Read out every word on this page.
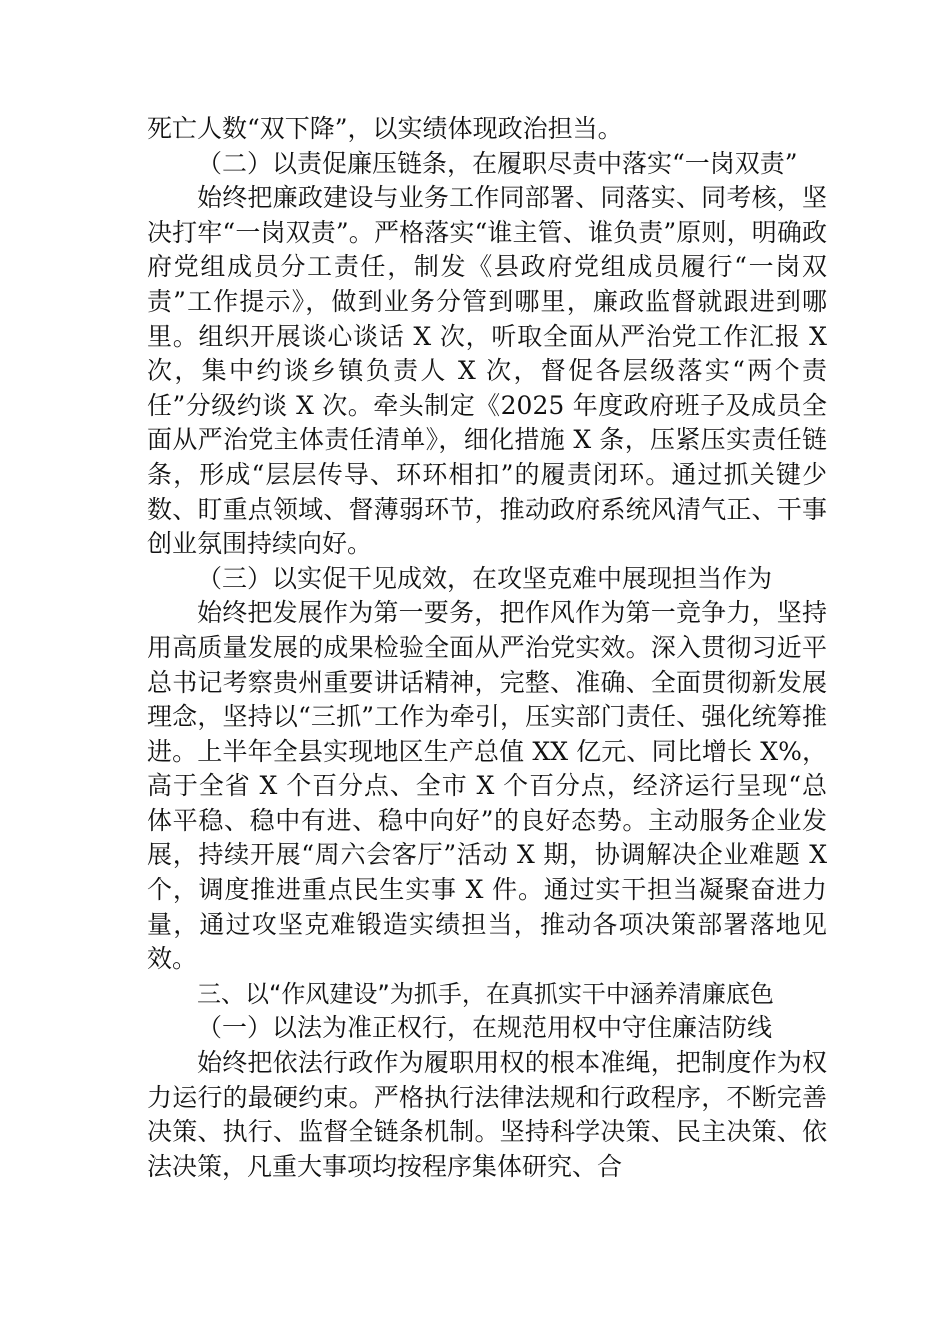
死亡人数“双下降”，以实绩体现政治担当。

（二）以责促廉压链条，在履职尽责中落实“一岗双责”

始终把廉政建设与业务工作同部署、同落实、同考核，坚决打牢“一岗双责”。严格落实“谁主管、谁负责”原则，明确政府党组成员分工责任，制发《县政府党组成员履行“一岗双责”工作提示》，做到业务分管到哪里，廉政监督就跟进到哪里。组织开展谈心谈话 X 次，听取全面从严治党工作汇报 X 次，集中约谈乡镇负责人 X 次，督促各层级落实“两个责任”分级约谈 X 次。牵头制定《2025 年度政府班子及成员全面从严治党主体责任清单》，细化措施 X 条，压紧压实责任链条，形成“层层传导、环环相扣”的履责闭环。通过抓关键少数、盯重点领域、督薄弱环节，推动政府系统风清气正、干事创业氛围持续向好。

（三）以实促干见成效，在攻坚克难中展现担当作为

始终把发展作为第一要务，把作风作为第一竞争力，坚持用高质量发展的成果检验全面从严治党实效。深入贯彻习近平总书记考察贵州重要讲话精神，完整、准确、全面贯彻新发展理念，坚持以“三抓”工作为牵引，压实部门责任、强化统筹推进。上半年全县实现地区生产总值 XX 亿元、同比增长 X%，高于全省 X 个百分点、全市 X 个百分点，经济运行呈现“总体平稳、稳中有进、稳中向好”的良好态势。主动服务企业发展，持续开展“周六会客厅”活动 X 期，协调解决企业难题 X 个，调度推进重点民生实事 X 件。通过实干担当凝聚奋进力量，通过攻坚克难锻造实绩担当，推动各项决策部署落地见效。

三、以“作风建设”为抓手，在真抓实干中涵养清廉底色

（一）以法为准正权行，在规范用权中守住廉洁防线

始终把依法行政作为履职用权的根本准绳，把制度作为权力运行的最硬约束。严格执行法律法规和行政程序，不断完善决策、执行、监督全链条机制。坚持科学决策、民主决策、依法决策，凡重大事项均按程序集体研究、合
